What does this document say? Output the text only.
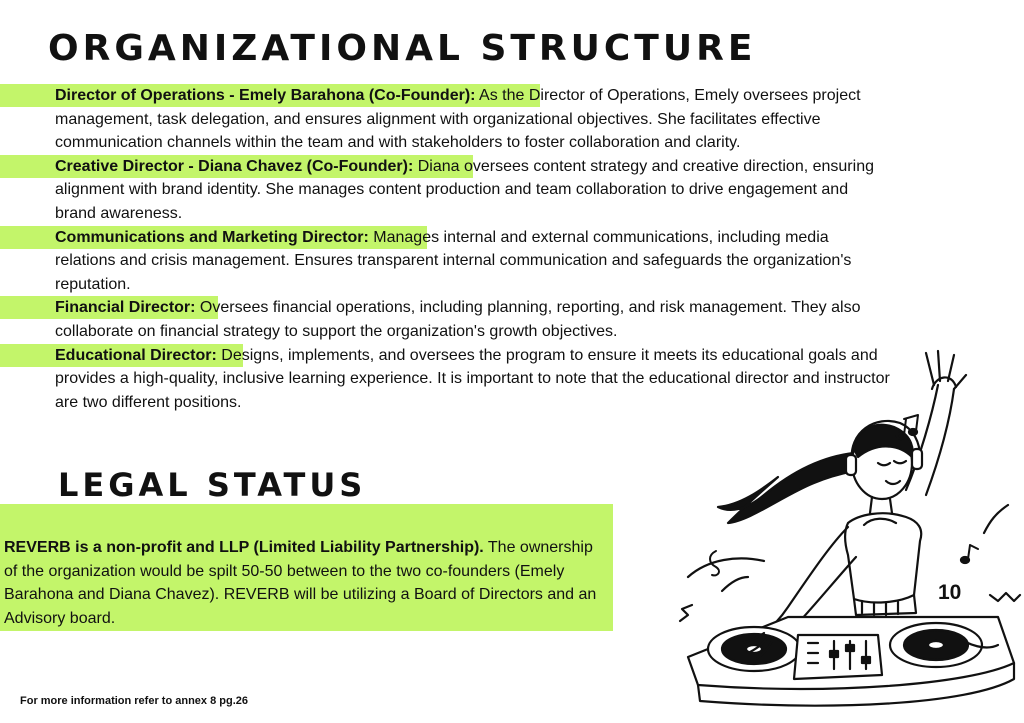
ORGANIZATIONAL STRUCTURE
Director of Operations - Emely Barahona (Co-Founder): As the Director of Operations, Emely oversees project management, task delegation, and ensures alignment with organizational objectives. She facilitates effective communication channels within the team and with stakeholders to foster collaboration and clarity.
Creative Director - Diana Chavez (Co-Founder): Diana oversees content strategy and creative direction, ensuring alignment with brand identity. She manages content production and team collaboration to drive engagement and brand awareness.
Communications and Marketing Director: Manages internal and external communications, including media relations and crisis management. Ensures transparent internal communication and safeguards the organization's reputation.
Financial Director: Oversees financial operations, including planning, reporting, and risk management. They also collaborate on financial strategy to support the organization's growth objectives.
Educational Director: Designs, implements, and oversees the program to ensure it meets its educational goals and provides a high-quality, inclusive learning experience. It is important to note that the educational director and instructor are two different positions.
LEGAL STATUS

REVERB is a non-profit and LLP (Limited Liability Partnership). The ownership of the organization would be spilt 50-50 between to the two co-founders (Emely Barahona and Diana Chavez). REVERB will be utilizing a Board of Directors and an Advisory board.

For more information refer to annex 8 pg.26

10
